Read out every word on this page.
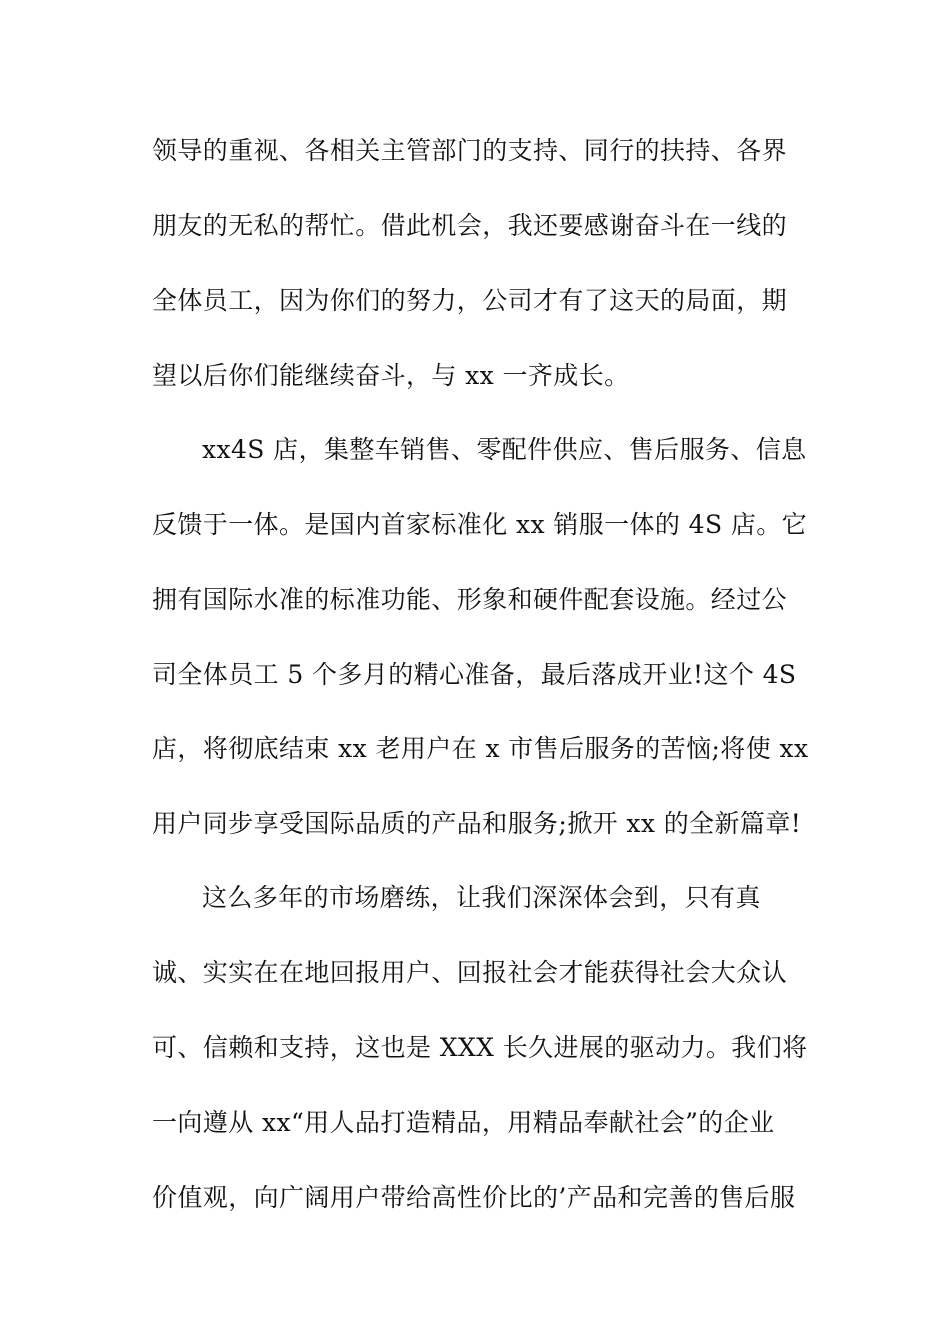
领导的重视、各相关主管部门的支持、同行的扶持、各界
朋友的无私的帮忙。借此机会，我还要感谢奋斗在一线的
全体员工，因为你们的努力，公司才有了这天的局面，期
望以后你们能继续奋斗，与 xx 一齐成长。
xx4S 店，集整车销售、零配件供应、售后服务、信息
反馈于一体。是国内首家标准化 xx 销服一体的 4S 店。它
拥有国际水准的标准功能、形象和硬件配套设施。经过公
司全体员工 5 个多月的精心准备，最后落成开业!这个 4S
店，将彻底结束 xx 老用户在 x 市售后服务的苦恼;将使 xx
用户同步享受国际品质的产品和服务;掀开 xx 的全新篇章!
这么多年的市场磨练，让我们深深体会到，只有真
诚、实实在在地回报用户、回报社会才能获得社会大众认
可、信赖和支持，这也是 XXX 长久进展的驱动力。我们将
一向遵从 xx“用人品打造精品，用精品奉献社会”的企业
价值观，向广阔用户带给高性价比的’产品和完善的售后服
